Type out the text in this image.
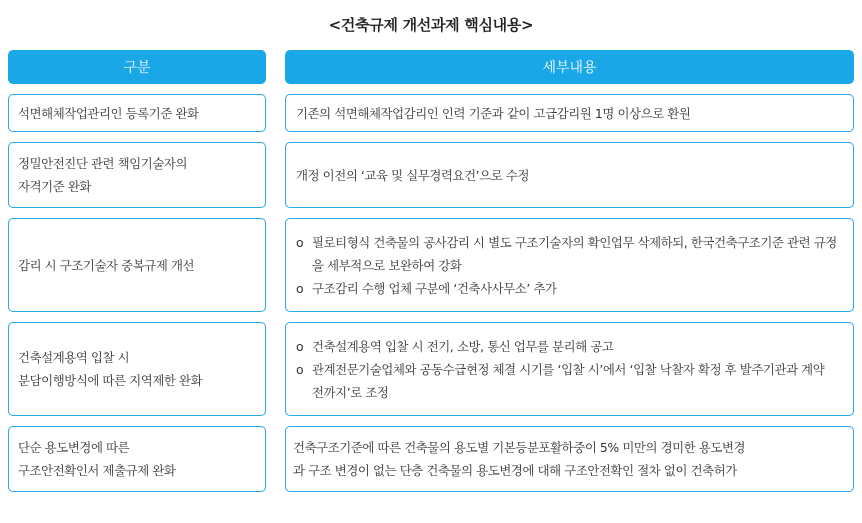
<건축규제 개선과제 핵심내용>
구분	세부내용
석면해체작업관리인 등록기준 완화	기존의 석면해체작업감리인 인력 기준과 같이 고급감리원 1명 이상으로 환원
정밀안전진단 관련 책임기술자의
자격기준 완화
개정 이전의 ‘교육 및 실무경력요건’으로 수정
감리 시 구조기술자 중복규제 개선
o 필로티형식 건축물의 공사감리 시 별도 구조기술자의 확인업무 삭제하되, 한국건축구조기준 관련 규정을 세부적으로 보완하여 강화
o 구조감리 수행 업체 구분에 ‘건축사사무소’ 추가
건축설계용역 입찰 시
분담이행방식에 따른 지역제한 완화
o 건축설계용역 입찰 시 전기, 소방, 통신 업무를 분리해 공고
o 관계전문기술업체와 공동수급현정 체결 시기를 ‘입찰 시’에서 ‘입찰 낙찰자 확정 후 발주기관과 계약 전까지’로 조정
단순 용도변경에 따른
구조안전확인서 제출규제 완화
건축구조기준에 따른 건축물의 용도별 기본등분포활하중이 5% 미만의 경미한 용도변경
과 구조 변경이 없는 단층 건축물의 용도변경에 대해 구조안전확인 절차 없이 건축허가
